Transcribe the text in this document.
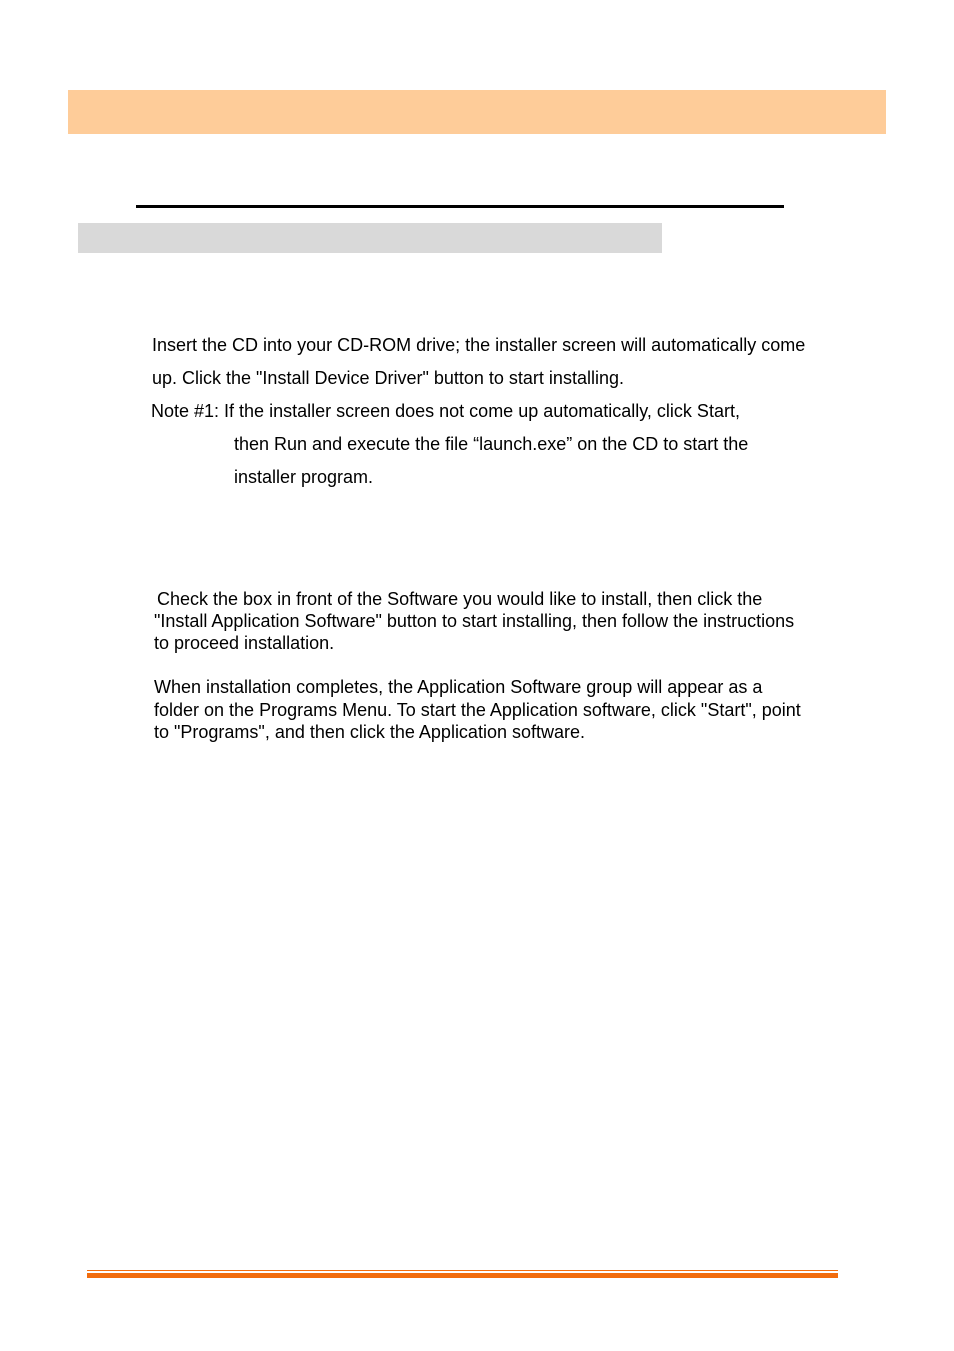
Insert the CD into your CD-ROM drive; the installer screen will automatically come
up. Click the "Install Device Driver" button to start installing.
Note #1: If the installer screen does not come up automatically, click Start,
then Run and execute the file “launch.exe” on the CD to start the
installer program.
Check the box in front of the Software you would like to install, then click the
"Install Application Software" button to start installing, then follow the instructions
to proceed installation.
When installation completes, the Application Software group will appear as a
folder on the Programs Menu. To start the Application software, click "Start", point
to "Programs", and then click the Application software.
